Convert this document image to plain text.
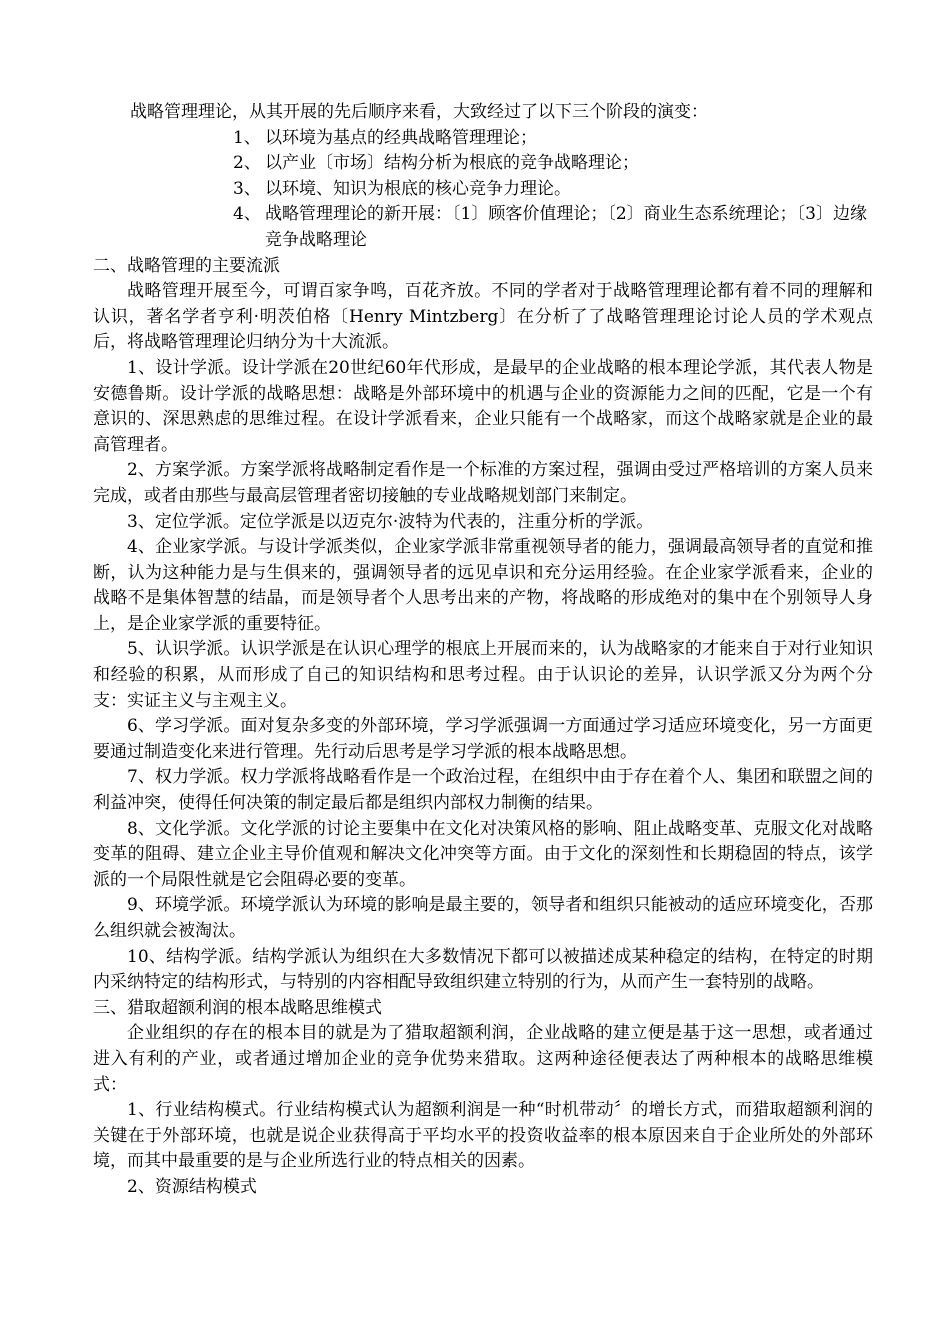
战略管理理论，从其开展的先后顺序来看，大致经过了以下三个阶段的演变：

1、 以环境为基点的经典战略管理理论；
2、 以产业〔市场〕结构分析为根底的竞争战略理论；
3、 以环境、知识为根底的核心竞争力理论。
4、 战略管理理论的新开展：〔1〕顾客价值理论；〔2〕商业生态系统理论；〔3〕边缘竞争战略理论

二、战略管理的主要流派

战略管理开展至今，可谓百家争鸣，百花齐放。不同的学者对于战略管理理论都有着不同的理解和认识，著名学者亨利·明茨伯格〔Henry Mintzberg〕在分析了了战略管理理论讨论人员的学术观点后，将战略管理理论归纳分为十大流派。

1、设计学派。设计学派在20世纪60年代形成，是最早的企业战略的根本理论学派，其代表人物是安德鲁斯。设计学派的战略思想：战略是外部环境中的机遇与企业的资源能力之间的匹配，它是一个有意识的、深思熟虑的思维过程。在设计学派看来，企业只能有一个战略家，而这个战略家就是企业的最高管理者。

2、方案学派。方案学派将战略制定看作是一个标准的方案过程，强调由受过严格培训的方案人员来完成，或者由那些与最高层管理者密切接触的专业战略规划部门来制定。

3、定位学派。定位学派是以迈克尔·波特为代表的，注重分析的学派。

4、企业家学派。与设计学派类似，企业家学派非常重视领导者的能力，强调最高领导者的直觉和推断，认为这种能力是与生俱来的，强调领导者的远见卓识和充分运用经验。在企业家学派看来，企业的战略不是集体智慧的结晶，而是领导者个人思考出来的产物，将战略的形成绝对的集中在个别领导人身上，是企业家学派的重要特征。

5、认识学派。认识学派是在认识心理学的根底上开展而来的，认为战略家的才能来自于对行业知识和经验的积累，从而形成了自己的知识结构和思考过程。由于认识论的差异，认识学派又分为两个分支：实证主义与主观主义。

6、学习学派。面对复杂多变的外部环境，学习学派强调一方面通过学习适应环境变化，另一方面更要通过制造变化来进行管理。先行动后思考是学习学派的根本战略思想。

7、权力学派。权力学派将战略看作是一个政治过程，在组织中由于存在着个人、集团和联盟之间的利益冲突，使得任何决策的制定最后都是组织内部权力制衡的结果。

8、文化学派。文化学派的讨论主要集中在文化对决策风格的影响、阻止战略变革、克服文化对战略变革的阻碍、建立企业主导价值观和解决文化冲突等方面。由于文化的深刻性和长期稳固的特点，该学派的一个局限性就是它会阻碍必要的变革。

9、环境学派。环境学派认为环境的影响是最主要的，领导者和组织只能被动的适应环境变化，否那么组织就会被淘汰。

10、结构学派。结构学派认为组织在大多数情况下都可以被描述成某种稳定的结构，在特定的时期内采纳特定的结构形式，与特别的内容相配导致组织建立特别的行为，从而产生一套特别的战略。

三、猎取超额利润的根本战略思维模式

企业组织的存在的根本目的就是为了猎取超额利润，企业战略的建立便是基于这一思想，或者通过进入有利的产业，或者通过增加企业的竞争优势来猎取。这两种途径便表达了两种根本的战略思维模式：

1、行业结构模式。行业结构模式认为超额利润是一种“时机带动〞的增长方式，而猎取超额利润的关键在于外部环境，也就是说企业获得高于平均水平的投资收益率的根本原因来自于企业所处的外部环境，而其中最重要的是与企业所选行业的特点相关的因素。

2、资源结构模式
